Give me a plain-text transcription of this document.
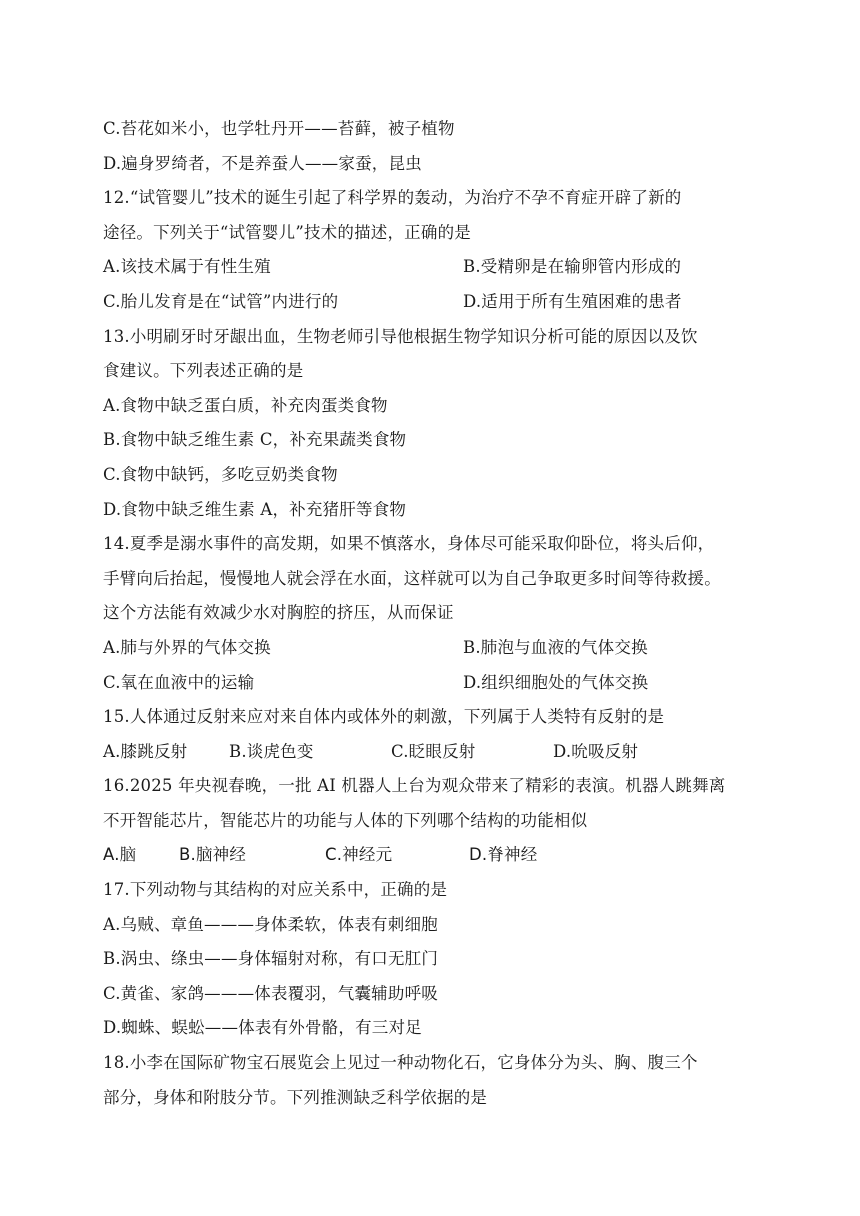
C.苔花如米小，也学牡丹开——苔藓，被子植物
D.遍身罗绮者，不是养蚕人——家蚕，昆虫
12.“试管婴儿”技术的诞生引起了科学界的轰动，为治疗不孕不育症开辟了新的
途径。下列关于“试管婴儿”技术的描述，正确的是
A.该技术属于有性生殖	B.受精卵是在输卵管内形成的
C.胎儿发育是在“试管”内进行的	D.适用于所有生殖困难的患者
13.小明刷牙时牙龈出血，生物老师引导他根据生物学知识分析可能的原因以及饮
食建议。下列表述正确的是
A.食物中缺乏蛋白质，补充肉蛋类食物
B.食物中缺乏维生素 C，补充果蔬类食物
C.食物中缺钙，多吃豆奶类食物
D.食物中缺乏维生素 A，补充猪肝等食物
14.夏季是溺水事件的高发期，如果不慎落水，身体尽可能采取仰卧位，将头后仰，
手臂向后抬起，慢慢地人就会浮在水面，这样就可以为自己争取更多时间等待救援。
这个方法能有效减少水对胸腔的挤压，从而保证
A.肺与外界的气体交换	B.肺泡与血液的气体交换
C.氧在血液中的运输	D.组织细胞处的气体交换
15.人体通过反射来应对来自体内或体外的刺激，下列属于人类特有反射的是
A.膝跳反射	B.谈虎色变	C.眨眼反射	D.吮吸反射
16.2025 年央视春晚，一批 AI 机器人上台为观众带来了精彩的表演。机器人跳舞离
不开智能芯片，智能芯片的功能与人体的下列哪个结构的功能相似
A.脑	B.脑神经	C.神经元	D.脊神经
17.下列动物与其结构的对应关系中，正确的是
A.乌贼、章鱼———身体柔软，体表有刺细胞
B.涡虫、绦虫——身体辐射对称，有口无肛门
C.黄雀、家鸽———体表覆羽，气囊辅助呼吸
D.蜘蛛、蜈蚣——体表有外骨骼，有三对足
18.小李在国际矿物宝石展览会上见过一种动物化石，它身体分为头、胸、腹三个
部分，身体和附肢分节。下列推测缺乏科学依据的是
